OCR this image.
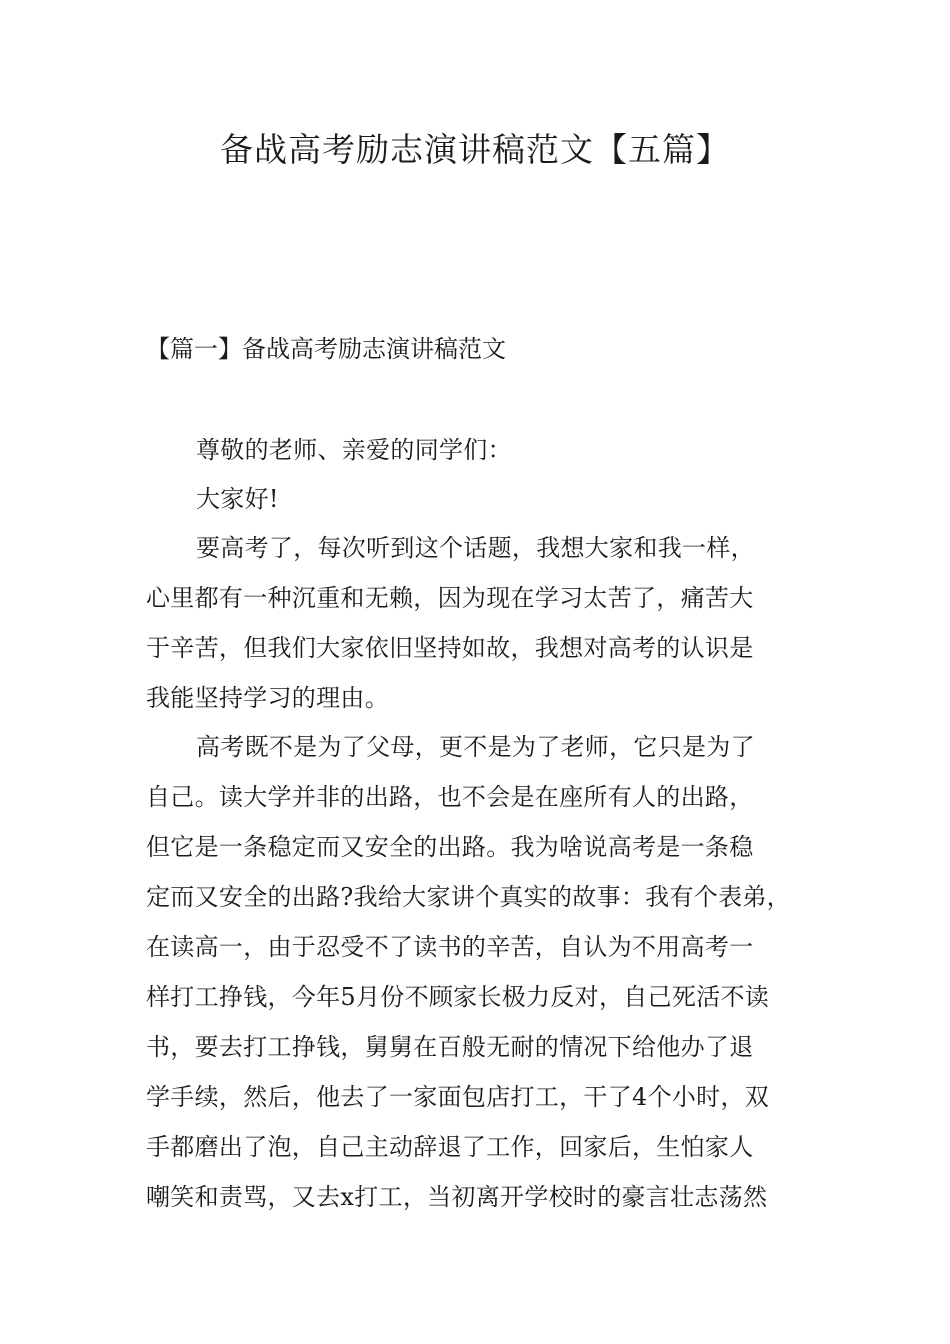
备战高考励志演讲稿范文【五篇】
【篇一】备战高考励志演讲稿范文
尊敬的老师、亲爱的同学们：
大家好!
要高考了，每次听到这个话题，我想大家和我一样，
心里都有一种沉重和无赖，因为现在学习太苦了，痛苦大
于辛苦，但我们大家依旧坚持如故，我想对高考的认识是
我能坚持学习的理由。
高考既不是为了父母，更不是为了老师，它只是为了
自己。读大学并非的出路，也不会是在座所有人的出路，
但它是一条稳定而又安全的出路。我为啥说高考是一条稳
定而又安全的出路?我给大家讲个真实的故事：我有个表弟，
在读高一，由于忍受不了读书的辛苦，自认为不用高考一
样打工挣钱，今年5月份不顾家长极力反对，自己死活不读
书，要去打工挣钱，舅舅在百般无耐的情况下给他办了退
学手续，然后，他去了一家面包店打工，干了4个小时，双
手都磨出了泡，自己主动辞退了工作，回家后，生怕家人
嘲笑和责骂，又去x打工，当初离开学校时的豪言壮志荡然
